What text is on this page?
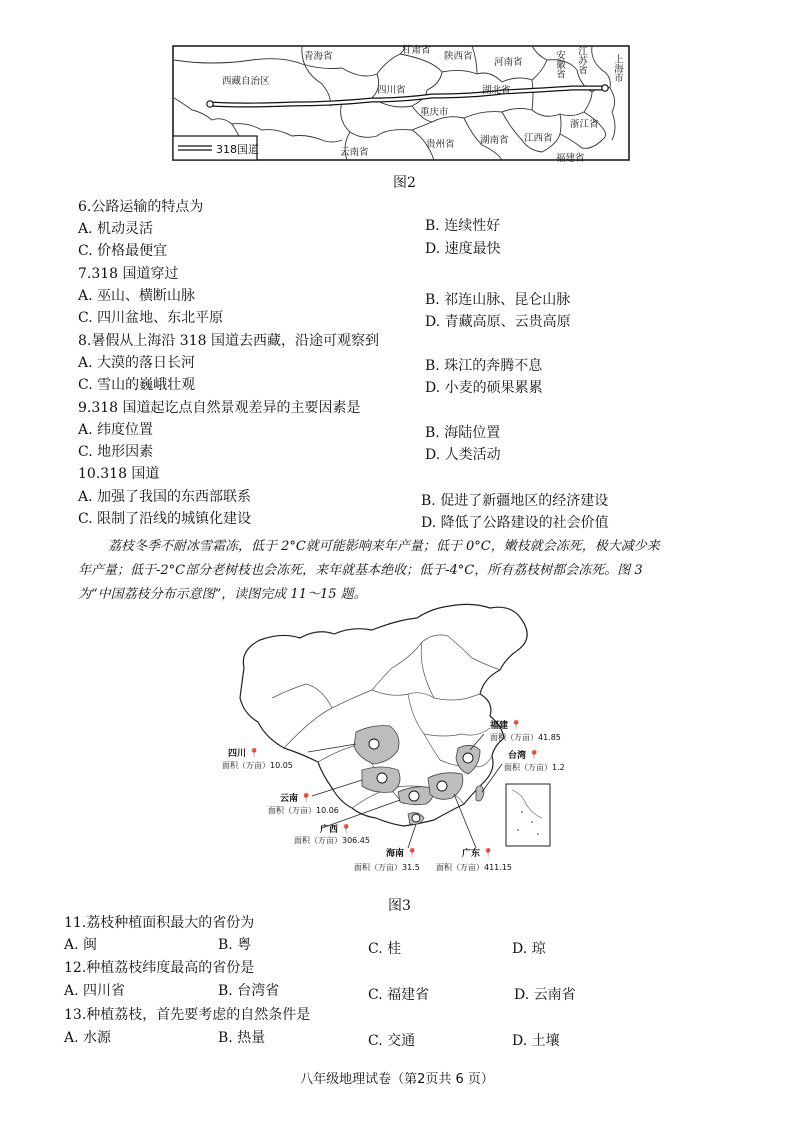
318国道
西藏自治区
青海省
甘肃省
陕西省
河南省	安徽省 江苏省	上海市
四川省	湖北省
重庆市
云南省
贵州省	湖南省 江西省
浙江省
福建省
图2
6.公路运输的特点为
A. 机动灵活	B. 连续性好
C. 价格最便宜	D. 速度最快
7.318 国道穿过
A. 巫山、横断山脉	B. 祁连山脉、昆仑山脉
C. 四川盆地、东北平原	D. 青藏高原、云贵高原
8.暑假从上海沿 318 国道去西藏，沿途可观察到
A. 大漠的落日长河	B. 珠江的奔腾不息
C. 雪山的巍峨壮观	D. 小麦的硕果累累
9.318 国道起讫点自然景观差异的主要因素是
A. 纬度位置	B. 海陆位置
C. 地形因素	D. 人类活动
10.318 国道
A. 加强了我国的东西部联系	B. 促进了新疆地区的经济建设
C. 限制了沿线的城镇化建设	D. 降低了公路建设的社会价值
荔枝冬季不耐冰雪霜冻，低于 2°C就可能影响来年产量；低于 0°C，嫩枝就会冻死，极大减少来
年产量；低于-2°C部分老树枝也会冻死，来年就基本绝收；低于-4°C，所有荔枝树都会冻死。图 3
为“中国荔枝分布示意图”，读图完成 11～15 题。
四川 📍
面积（万亩）10.05
云南 📍
面积（万亩）10.06
广西 📍
面积（万亩）306.45
海南 📍
面积（万亩）31.5
广东 📍
面积（万亩）411.15
福建 📍
面积（万亩）41.85
台湾 📍
面积（万亩）1.2
图3
11.荔枝种植面积最大的省份为
A. 闽	B. 粤	C. 桂	D. 琼
12.种植荔枝纬度最高的省份是
A. 四川省	B. 台湾省	C. 福建省	D. 云南省
13.种植荔枝，首先要考虑的自然条件是
A. 水源	B. 热量	C. 交通	D. 土壤
八年级地理试卷（第2页共 6 页）
